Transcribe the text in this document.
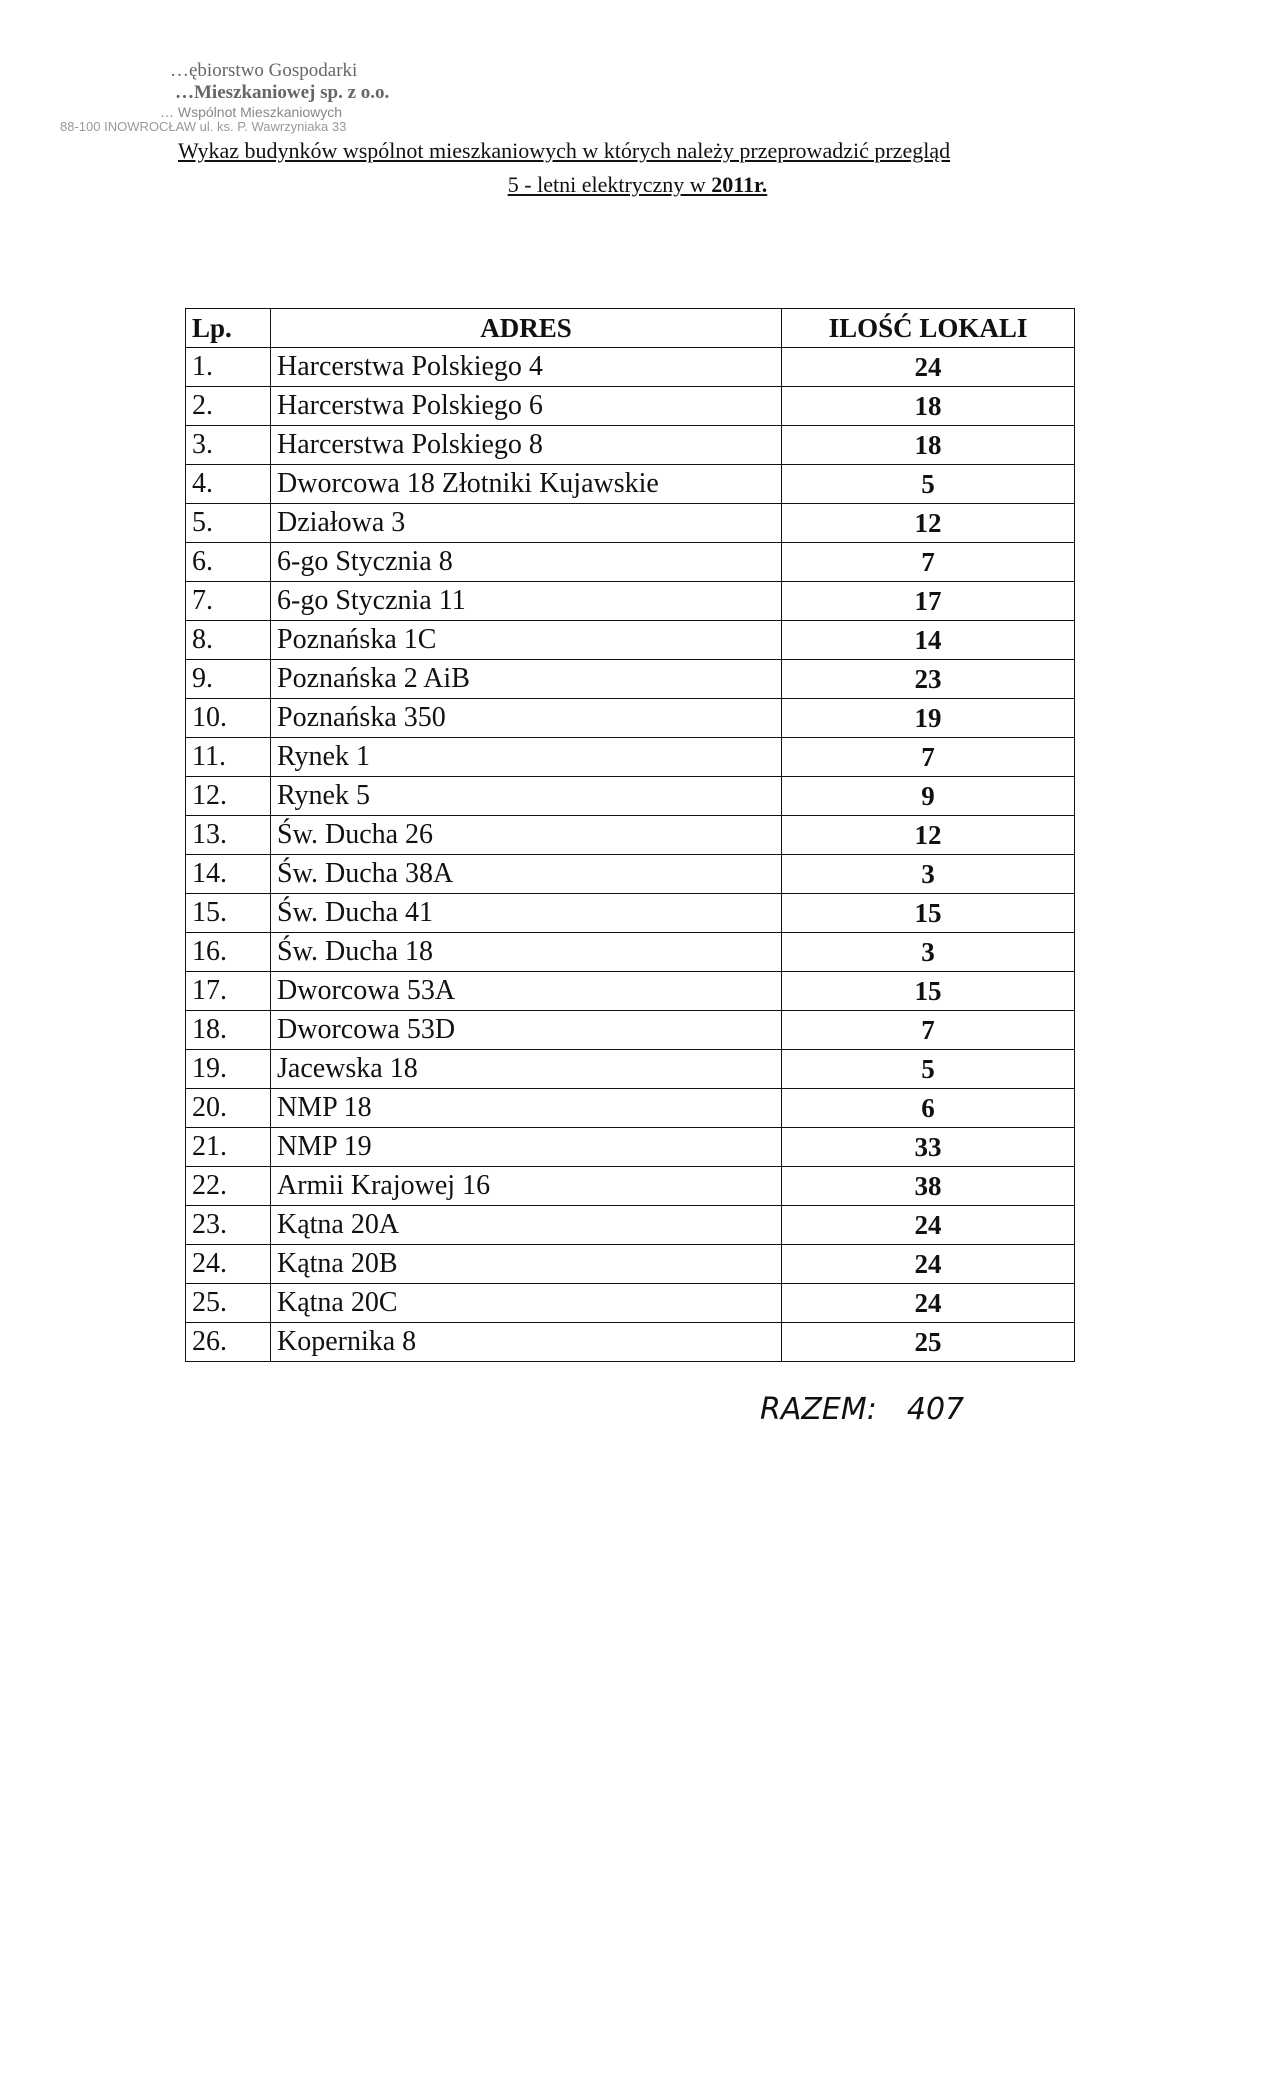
…ębiorstwo Gospodarki
…Mieszkaniowej sp. z o.o.
… Wspólnot Mieszkaniowych
88-100 INOWROCŁAW ul. ks. P. Wawrzyniaka 33
Wykaz budynków wspólnot mieszkaniowych w których należy przeprowadzić przegląd
5 - letni elektryczny w 2011r.
Lp.	ADRES	ILOŚĆ LOKALI
1.	Harcerstwa Polskiego 4	24
2.	Harcerstwa Polskiego 6	18
3.	Harcerstwa Polskiego 8	18
4.	Dworcowa 18 Złotniki Kujawskie	5
5.	Działowa 3	12
6.	6-go Stycznia 8	7
7.	6-go Stycznia 11	17
8.	Poznańska 1C	14
9.	Poznańska 2 AiB	23
10.	Poznańska 350	19
11.	Rynek 1	7
12.	Rynek 5	9
13.	Św. Ducha 26	12
14.	Św. Ducha 38A	3
15.	Św. Ducha 41	15
16.	Św. Ducha 18	3
17.	Dworcowa 53A	15
18.	Dworcowa 53D	7
19.	Jacewska 18	5
20.	NMP 18	6
21.	NMP 19	33
22.	Armii Krajowej 16	38
23.	Kątna 20A	24
24.	Kątna 20B	24
25.	Kątna 20C	24
26.	Kopernika 8	25
RAZEM: 407
